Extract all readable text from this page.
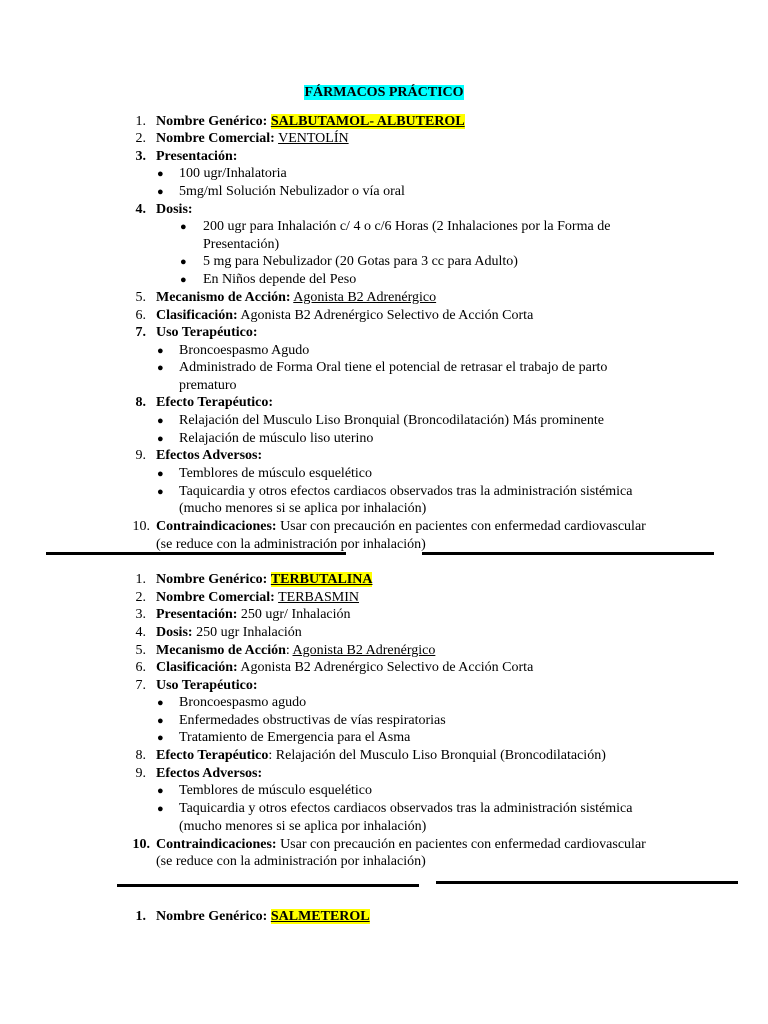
FÁRMACOS PRÁCTICO
1. Nombre Genérico: SALBUTAMOL- ALBUTEROL
2. Nombre Comercial: VENTOLÍN
3. Presentación:
● 100 ugr/Inhalatoria
● 5mg/ml Solución Nebulizador o vía oral
4. Dosis:
● 200 ugr para Inhalación c/ 4 o c/6 Horas (2 Inhalaciones por la Forma de
Presentación)
● 5 mg para Nebulizador (20 Gotas para 3 cc para Adulto)
● En Niños depende del Peso
5. Mecanismo de Acción: Agonista B2 Adrenérgico
6. Clasificación: Agonista B2 Adrenérgico Selectivo de Acción Corta
7. Uso Terapéutico:
● Broncoespasmo Agudo
● Administrado de Forma Oral tiene el potencial de retrasar el trabajo de parto
prematuro
8. Efecto Terapéutico:
● Relajación del Musculo Liso Bronquial (Broncodilatación) Más prominente
● Relajación de músculo liso uterino
9. Efectos Adversos:
● Temblores de músculo esquelético
● Taquicardia y otros efectos cardiacos observados tras la administración sistémica
(mucho menores si se aplica por inhalación)
10. Contraindicaciones: Usar con precaución en pacientes con enfermedad cardiovascular
(se reduce con la administración por inhalación)
1. Nombre Genérico: TERBUTALINA
2. Nombre Comercial: TERBASMIN
3. Presentación: 250 ugr/ Inhalación
4. Dosis: 250 ugr Inhalación
5. Mecanismo de Acción: Agonista B2 Adrenérgico
6. Clasificación: Agonista B2 Adrenérgico Selectivo de Acción Corta
7. Uso Terapéutico:
● Broncoespasmo agudo
● Enfermedades obstructivas de vías respiratorias
● Tratamiento de Emergencia para el Asma
8. Efecto Terapéutico: Relajación del Musculo Liso Bronquial (Broncodilatación)
9. Efectos Adversos:
● Temblores de músculo esquelético
● Taquicardia y otros efectos cardiacos observados tras la administración sistémica
(mucho menores si se aplica por inhalación)
10. Contraindicaciones: Usar con precaución en pacientes con enfermedad cardiovascular
(se reduce con la administración por inhalación)
1. Nombre Genérico: SALMETEROL
